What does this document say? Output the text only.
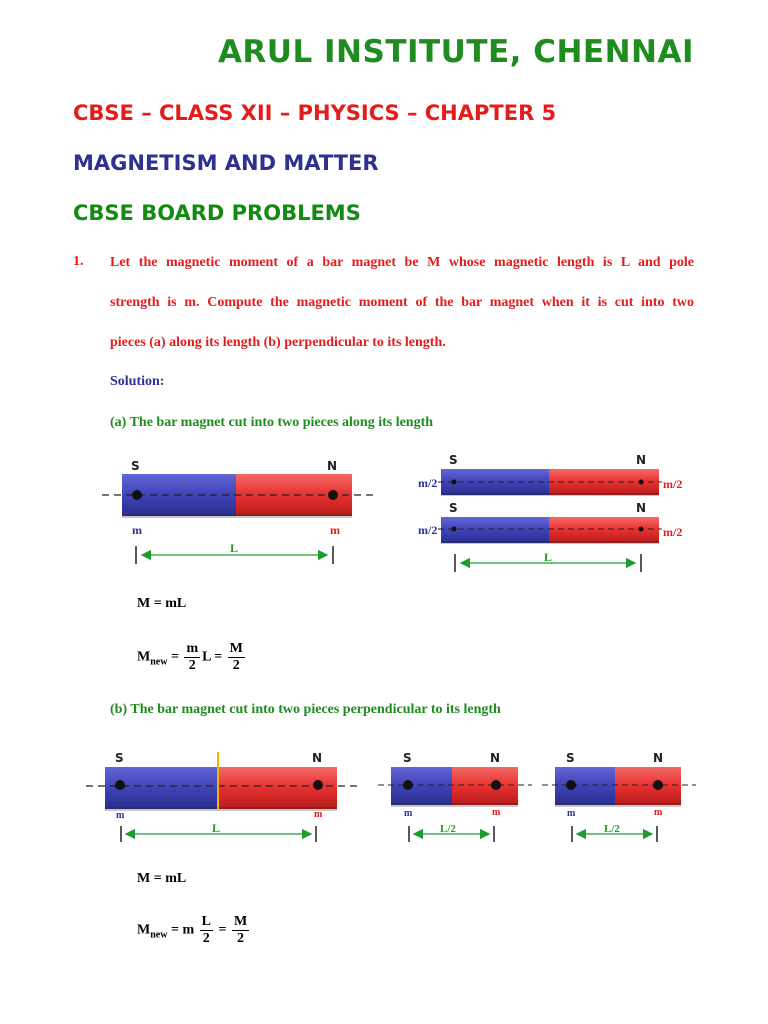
ARUL INSTITUTE, CHENNAI
CBSE – CLASS XII – PHYSICS – CHAPTER 5
MAGNETISM AND MATTER
CBSE BOARD PROBLEMS
1. Let the magnetic moment of a bar magnet be M whose magnetic length is L and pole
strength is m. Compute the magnetic moment of the bar magnet when it is cut into two
pieces (a) along its length (b) perpendicular to its length.
Solution:
(a) The bar magnet cut into two pieces along its length
S	N
m	m
L
S	N
m/2	m/2
S	N
m/2	m/2
L
M = mL
$M_{new} = \frac{m}{2}$ $L = \frac{M}{2}$
(b) The bar magnet cut into two pieces perpendicular to its length
S	N
m	m
L
S	N
m	m
L/2
S	N
m	m
L/2
M = mL
$M_{new} = m \frac{L}{2} = \frac{M}{2}$
